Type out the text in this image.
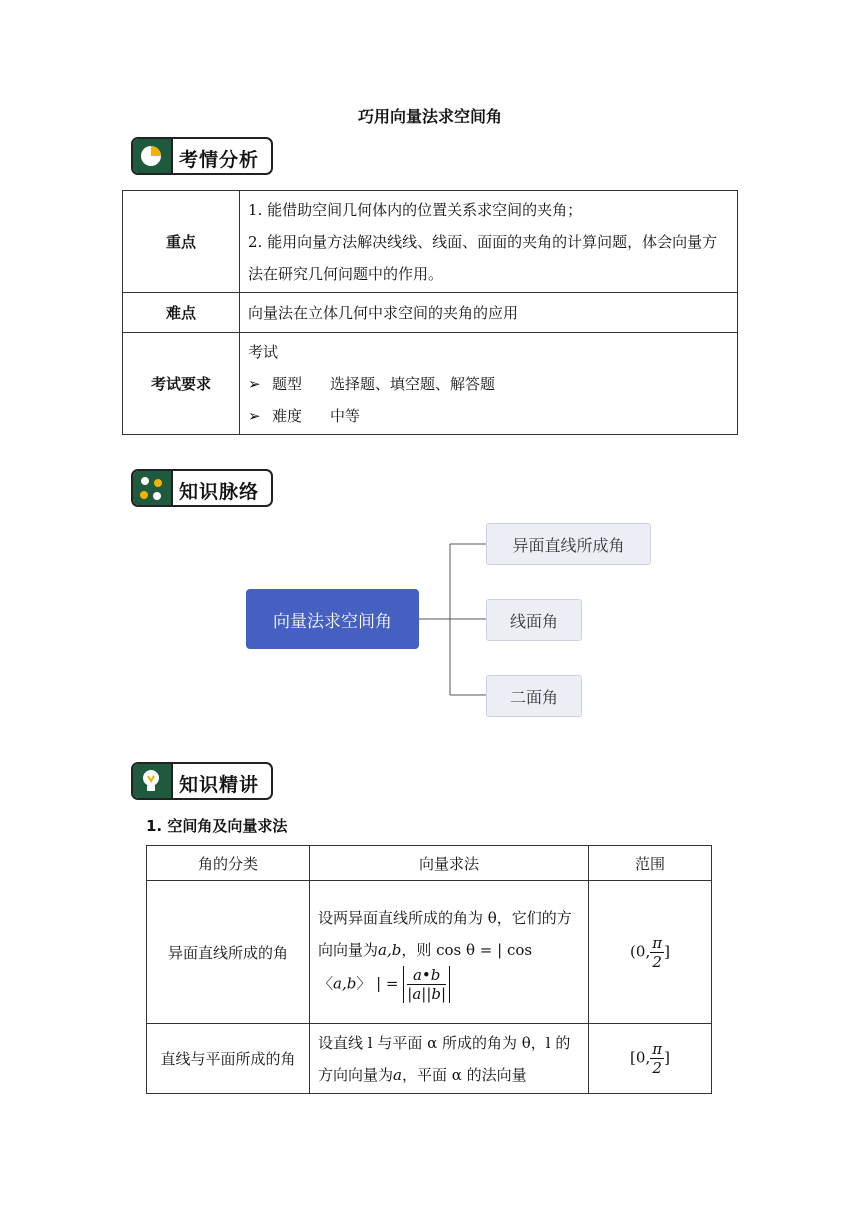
巧用向量法求空间角
考情分析
重点	1. 能借助空间几何体内的位置关系求空间的夹角；
2. 能用向量方法解决线线、线面、面面的夹角的计算问题，体会向量方法在研究几何问题中的作用。

难点	向量法在立体几何中求空间的夹角的应用
考试要求	考试
➢ 题型 选择题、填空题、解答题
➢ 难度 中等
知识脉络
向量法求空间角
异面直线所成角
线面角
二面角
知识精讲
1. 空间角及向量求法
角的分类	向量求法	范围
异面直线所成的角	设两异面直线所成的角为 θ，它们的方向向量为a,b，则 cos θ = | cos
〈a,b〉 | = $\frac{a•b}{|a||b|}$	(0, $\frac{\pi}{2}$ ]
直线与平面所成的角	设直线 l 与平面 α 所成的角为 θ，l 的方向向量为a，平面 α 的法向量	[0, $\frac{\pi}{2}$ ]
